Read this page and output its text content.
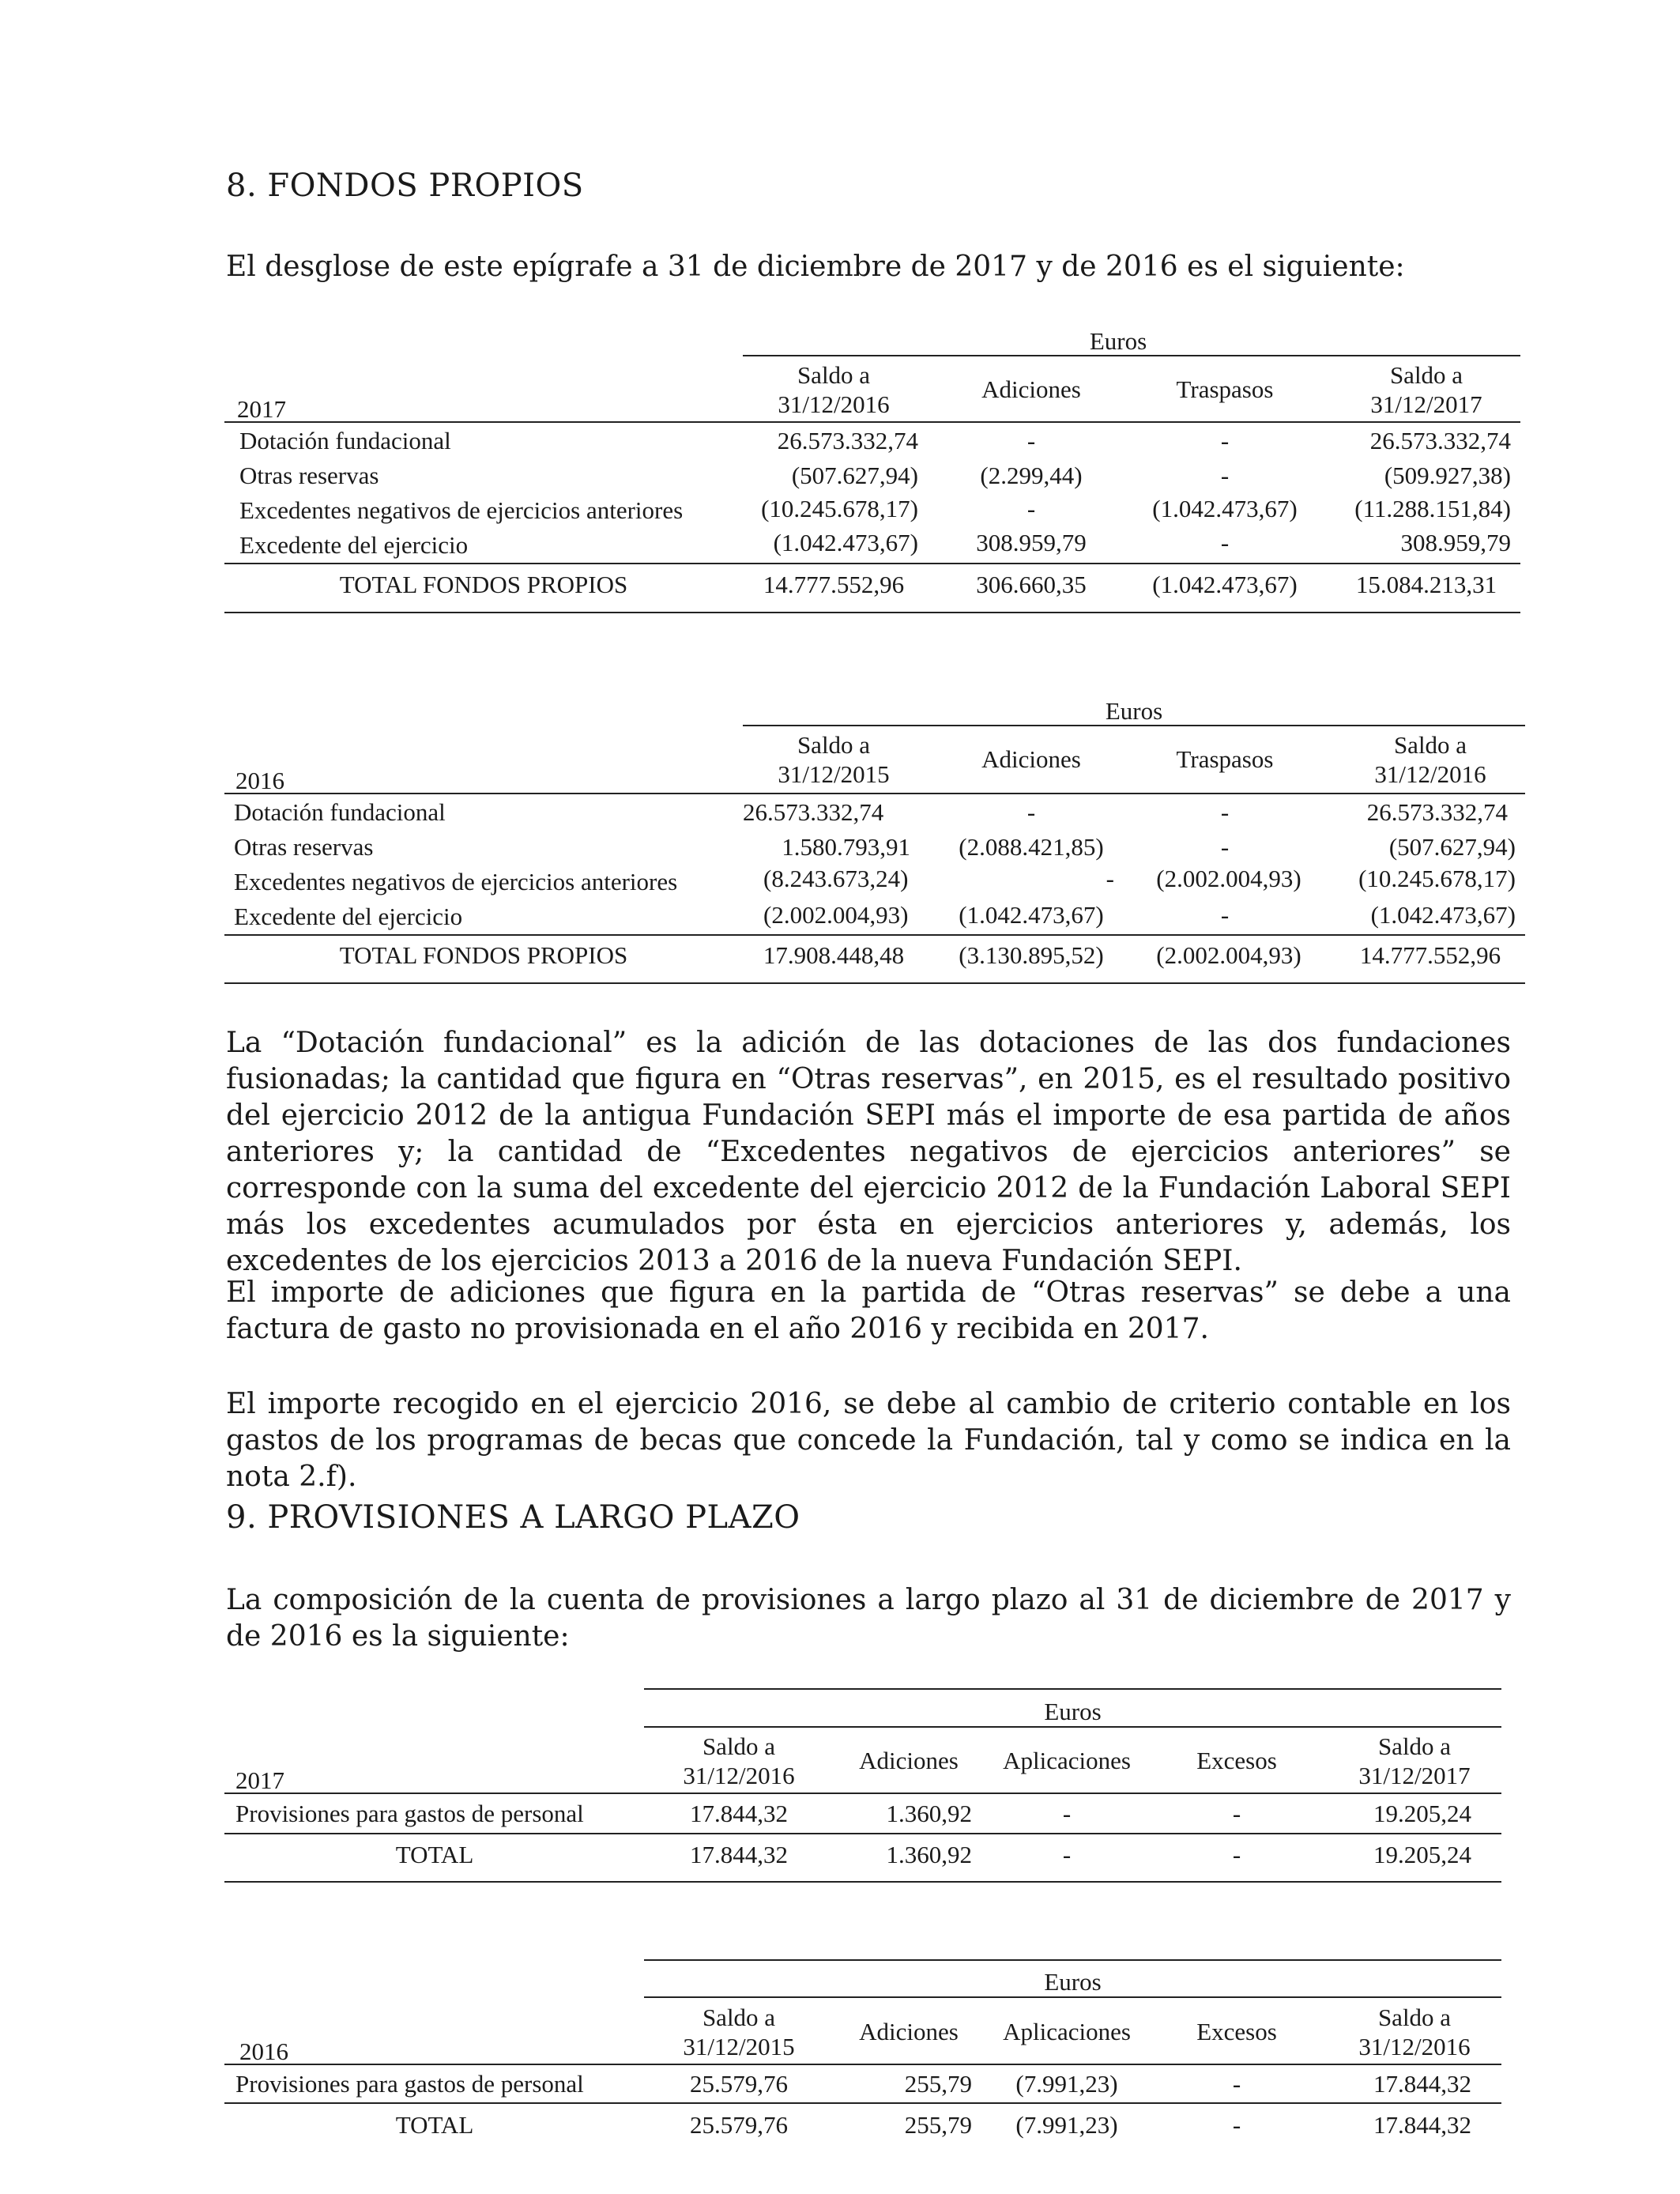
8. FONDOS PROPIOS
El desglose de este epígrafe a 31 de diciembre de 2017 y de 2016 es el siguiente:
Euros
2017
Saldo a
31/12/2016
Adiciones	Traspasos
Saldo a
31/12/2017
Dotación fundacional	26.573.332,74	-	-	26.573.332,74
Otras reservas	(507.627,94)	(2.299,44)	-	(509.927,38)
Excedentes negativos de ejercicios anteriores	(10.245.678,17)	-	(1.042.473,67)	(11.288.151,84)
Excedente del ejercicio	(1.042.473,67)	308.959,79	-	308.959,79
TOTAL FONDOS PROPIOS	14.777.552,96	306.660,35	(1.042.473,67)	15.084.213,31
Euros
2016
Saldo a
31/12/2015
Adiciones	Traspasos
Saldo a
31/12/2016
Dotación fundacional	26.573.332,74	-	-	26.573.332,74
Otras reservas	1.580.793,91	(2.088.421,85)	-	(507.627,94)
Excedentes negativos de ejercicios anteriores	(8.243.673,24)	-	(2.002.004,93)	(10.245.678,17)
Excedente del ejercicio	(2.002.004,93)	(1.042.473,67)	-	(1.042.473,67)
TOTAL FONDOS PROPIOS	17.908.448,48	(3.130.895,52)	(2.002.004,93)	14.777.552,96
La “Dotación fundacional” es la adición de las dotaciones de las dos fundaciones fusionadas; la cantidad que figura en “Otras reservas”, en 2015, es el resultado positivo del ejercicio 2012 de la antigua Fundación SEPI más el importe de esa partida de años anteriores y; la cantidad de “Excedentes negativos de ejercicios anteriores” se corresponde con la suma del excedente del ejercicio 2012 de la Fundación Laboral SEPI más los excedentes acumulados por ésta en ejercicios anteriores y, además, los excedentes de los ejercicios 2013 a 2016 de la nueva Fundación SEPI.
El importe de adiciones que figura en la partida de “Otras reservas” se debe a una factura de gasto no provisionada en el año 2016 y recibida en 2017.
El importe recogido en el ejercicio 2016, se debe al cambio de criterio contable en los gastos de los programas de becas que concede la Fundación, tal y como se indica en la nota 2.f).
9. PROVISIONES A LARGO PLAZO
La composición de la cuenta de provisiones a largo plazo al 31 de diciembre de 2017 y de 2016 es la siguiente:
Euros
2017
Saldo a
31/12/2016
Adiciones	Aplicaciones	Excesos
Saldo a
31/12/2017
Provisiones para gastos de personal	17.844,32	1.360,92	-	-	19.205,24
TOTAL	17.844,32	1.360,92	-	-	19.205,24
Euros
2016
Saldo a
31/12/2015
Adiciones	Aplicaciones	Excesos
Saldo a
31/12/2016
Provisiones para gastos de personal	25.579,76	255,79	(7.991,23)	-	17.844,32
TOTAL	25.579,76	255,79	(7.991,23)	-	17.844,32
